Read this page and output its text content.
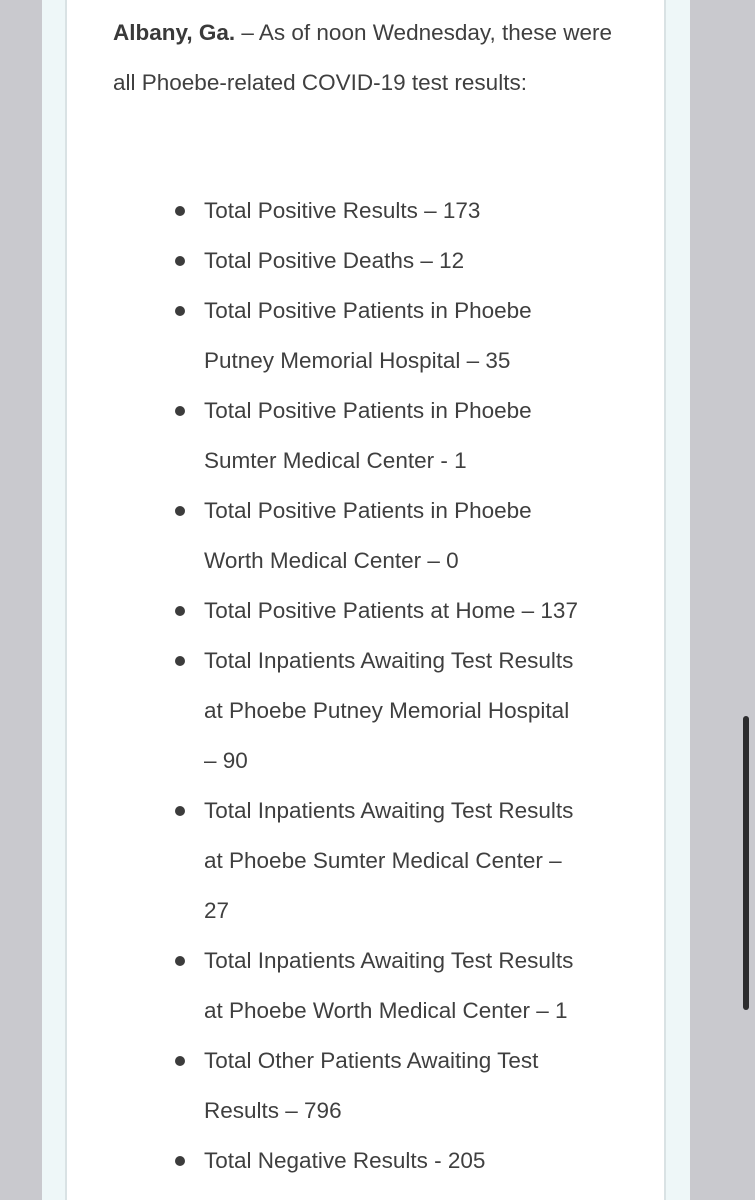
Albany, Ga. – As of noon Wednesday, these were all Phoebe-related COVID-19 test results:

Total Positive Results – 173
Total Positive Deaths – 12
Total Positive Patients in Phoebe Putney Memorial Hospital – 35
Total Positive Patients in Phoebe Sumter Medical Center - 1
Total Positive Patients in Phoebe Worth Medical Center – 0
Total Positive Patients at Home – 137
Total Inpatients Awaiting Test Results at Phoebe Putney Memorial Hospital – 90
Total Inpatients Awaiting Test Results at Phoebe Sumter Medical Center – 27
Total Inpatients Awaiting Test Results at Phoebe Worth Medical Center – 1
Total Other Patients Awaiting Test Results – 796
Total Negative Results - 205
